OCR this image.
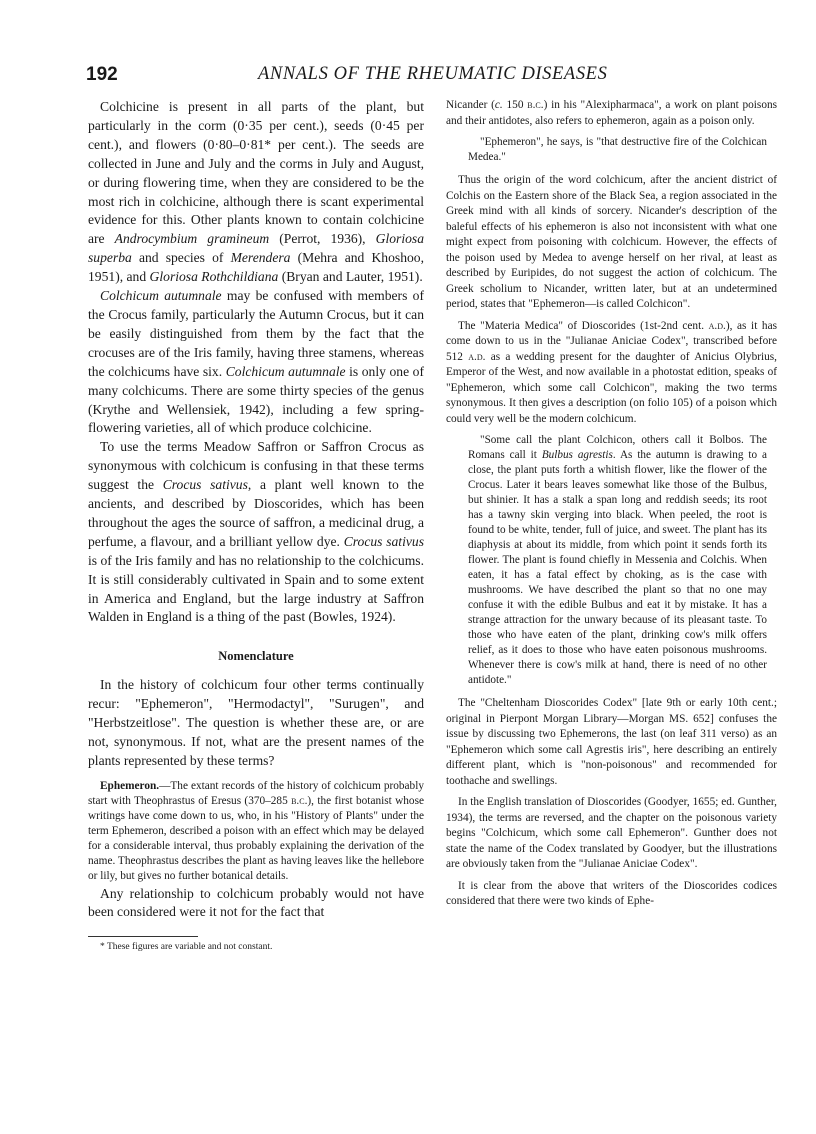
192	ANNALS OF THE RHEUMATIC DISEASES

Colchicine is present in all parts of the plant, but particularly in the corm (0·35 per cent.), seeds (0·45 per cent.), and flowers (0·80–0·81* per cent.). The seeds are collected in June and July and the corms in July and August, or during flowering time, when they are considered to be the most rich in colchicine, although there is scant experimental evidence for this. Other plants known to contain colchicine are Androcymbium gramineum (Perrot, 1936), Gloriosa superba and species of Merendera (Mehra and Khoshoo, 1951), and Gloriosa Rothchildiana (Bryan and Lauter, 1951).

Colchicum autumnale may be confused with members of the Crocus family, particularly the Autumn Crocus, but it can be easily distinguished from them by the fact that the crocuses are of the Iris family, having three stamens, whereas the colchicums have six. Colchicum autumnale is only one of many colchicums. There are some thirty species of the genus (Krythe and Wellensiek, 1942), including a few spring-flowering varieties, all of which produce colchicine.

To use the terms Meadow Saffron or Saffron Crocus as synonymous with colchicum is confusing in that these terms suggest the Crocus sativus, a plant well known to the ancients, and described by Dioscorides, which has been throughout the ages the source of saffron, a medicinal drug, a perfume, a flavour, and a brilliant yellow dye. Crocus sativus is of the Iris family and has no relationship to the colchicums. It is still considerably cultivated in Spain and to some extent in America and England, but the large industry at Saffron Walden in England is a thing of the past (Bowles, 1924).

Nomenclature

In the history of colchicum four other terms continually recur: "Ephemeron", "Hermodactyl", "Surugen", and "Herbstzeitlose". The question is whether these are, or are not, synonymous. If not, what are the present names of the plants represented by these terms?

Ephemeron.—The extant records of the history of colchicum probably start with Theophrastus of Eresus (370–285 b.c.), the first botanist whose writings have come down to us, who, in his "History of Plants" under the term Ephemeron, described a poison with an effect which may be delayed for a considerable interval, thus probably explaining the derivation of the name. Theophrastus describes the plant as having leaves like the hellebore or lily, but gives no further botanical details.

Any relationship to colchicum probably would not have been considered were it not for the fact that

* These figures are variable and not constant.

Nicander (c. 150 b.c.) in his "Alexipharmaca", a work on plant poisons and their antidotes, also refers to ephemeron, again as a poison only.

"Ephemeron", he says, is "that destructive fire of the Colchican Medea."

Thus the origin of the word colchicum, after the ancient district of Colchis on the Eastern shore of the Black Sea, a region associated in the Greek mind with all kinds of sorcery. Nicander's description of the baleful effects of his ephemeron is also not inconsistent with what one might expect from poisoning with colchicum. However, the effects of the poison used by Medea to avenge herself on her rival, at least as described by Euripides, do not suggest the action of colchicum. The Greek scholium to Nicander, written later, but at an undetermined period, states that "Ephemeron—is called Colchicon".

The "Materia Medica" of Dioscorides (1st-2nd cent. a.d.), as it has come down to us in the "Julianae Aniciae Codex", transcribed before 512 a.d. as a wedding present for the daughter of Anicius Olybrius, Emperor of the West, and now available in a photostat edition, speaks of "Ephemeron, which some call Colchicon", making the two terms synonymous. It then gives a description (on folio 105) of a poison which could very well be the modern colchicum.

"Some call the plant Colchicon, others call it Bolbos. The Romans call it Bulbus agrestis. As the autumn is drawing to a close, the plant puts forth a whitish flower, like the flower of the Crocus. Later it bears leaves somewhat like those of the Bulbus, but shinier. It has a stalk a span long and reddish seeds; its root has a tawny skin verging into black. When peeled, the root is found to be white, tender, full of juice, and sweet. The plant has its diaphysis at about its middle, from which point it sends forth its flower. The plant is found chiefly in Messenia and Colchis. When eaten, it has a fatal effect by choking, as is the case with mushrooms. We have described the plant so that no one may confuse it with the edible Bulbus and eat it by mistake. It has a strange attraction for the unwary because of its pleasant taste. To those who have eaten of the plant, drinking cow's milk offers relief, as it does to those who have eaten poisonous mushrooms. Whenever there is cow's milk at hand, there is need of no other antidote."

The "Cheltenham Dioscorides Codex" [late 9th or early 10th cent.; original in Pierpont Morgan Library—Morgan MS. 652] confuses the issue by discussing two Ephemerons, the last (on leaf 311 verso) as an "Ephemeron which some call Agrestis iris", here describing an entirely different plant, which is "non-poisonous" and recommended for toothache and swellings.

In the English translation of Dioscorides (Goodyer, 1655; ed. Gunther, 1934), the terms are reversed, and the chapter on the poisonous variety begins "Colchicum, which some call Ephemeron". Gunther does not state the name of the Codex translated by Goodyer, but the illustrations are obviously taken from the "Julianae Aniciae Codex".

It is clear from the above that writers of the Dioscorides codices considered that there were two kinds of Ephe-
